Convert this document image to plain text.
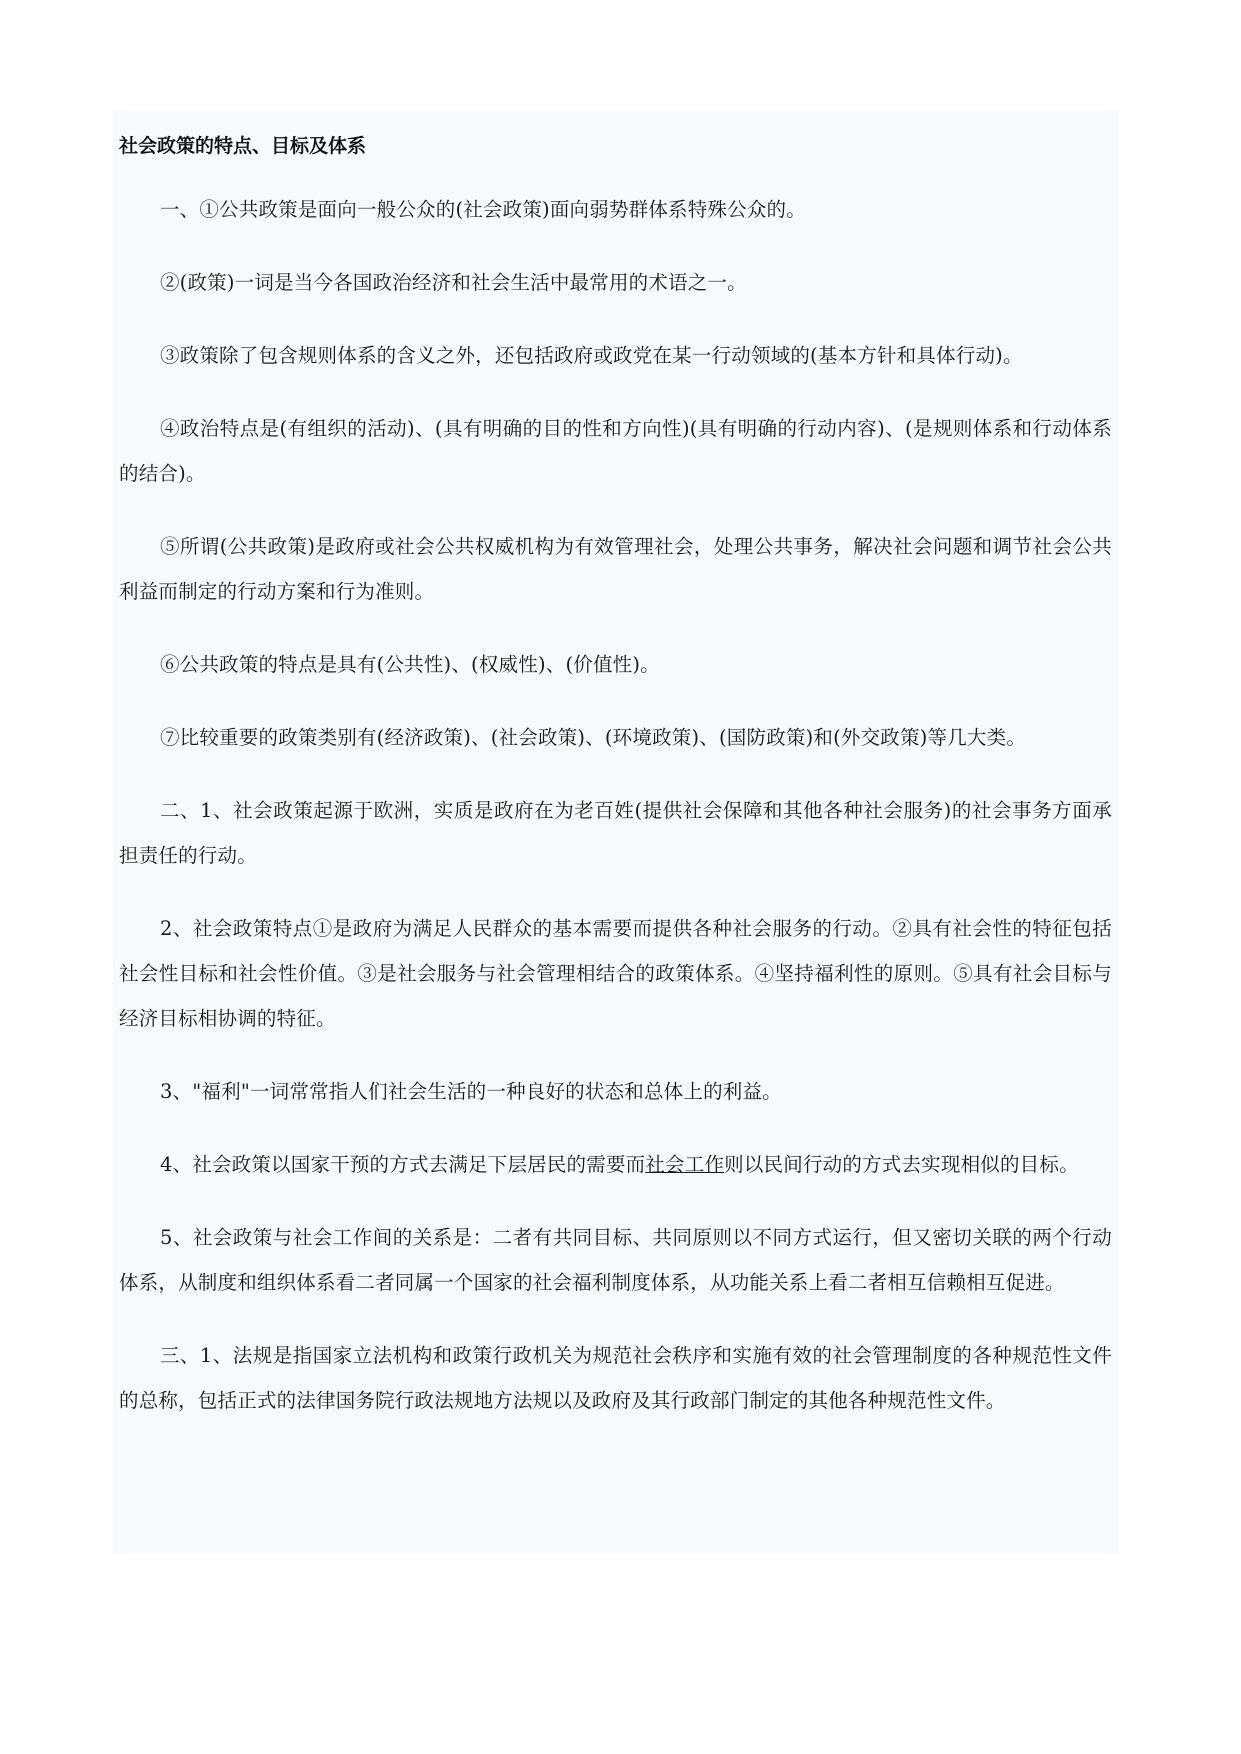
社会政策的特点、目标及体系

一、①公共政策是面向一般公众的(社会政策)面向弱势群体系特殊公众的。

②(政策)一词是当今各国政治经济和社会生活中最常用的术语之一。

③政策除了包含规则体系的含义之外，还包括政府或政党在某一行动领域的(基本方针和具体行动)。

④政治特点是(有组织的活动)、(具有明确的目的性和方向性)(具有明确的行动内容)、(是规则体系和行动体系的结合)。

⑤所谓(公共政策)是政府或社会公共权威机构为有效管理社会，处理公共事务，解决社会问题和调节社会公共利益而制定的行动方案和行为准则。

⑥公共政策的特点是具有(公共性)、(权威性)、(价值性)。

⑦比较重要的政策类别有(经济政策)、(社会政策)、(环境政策)、(国防政策)和(外交政策)等几大类。

二、1、社会政策起源于欧洲，实质是政府在为老百姓(提供社会保障和其他各种社会服务)的社会事务方面承担责任的行动。

2、社会政策特点①是政府为满足人民群众的基本需要而提供各种社会服务的行动。②具有社会性的特征包括社会性目标和社会性价值。③是社会服务与社会管理相结合的政策体系。④坚持福利性的原则。⑤具有社会目标与经济目标相协调的特征。

3、"福利"一词常常指人们社会生活的一种良好的状态和总体上的利益。

4、社会政策以国家干预的方式去满足下层居民的需要而社会工作则以民间行动的方式去实现相似的目标。

5、社会政策与社会工作间的关系是：二者有共同目标、共同原则以不同方式运行，但又密切关联的两个行动体系，从制度和组织体系看二者同属一个国家的社会福利制度体系，从功能关系上看二者相互信赖相互促进。

三、1、法规是指国家立法机构和政策行政机关为规范社会秩序和实施有效的社会管理制度的各种规范性文件的总称，包括正式的法律国务院行政法规地方法规以及政府及其行政部门制定的其他各种规范性文件。
